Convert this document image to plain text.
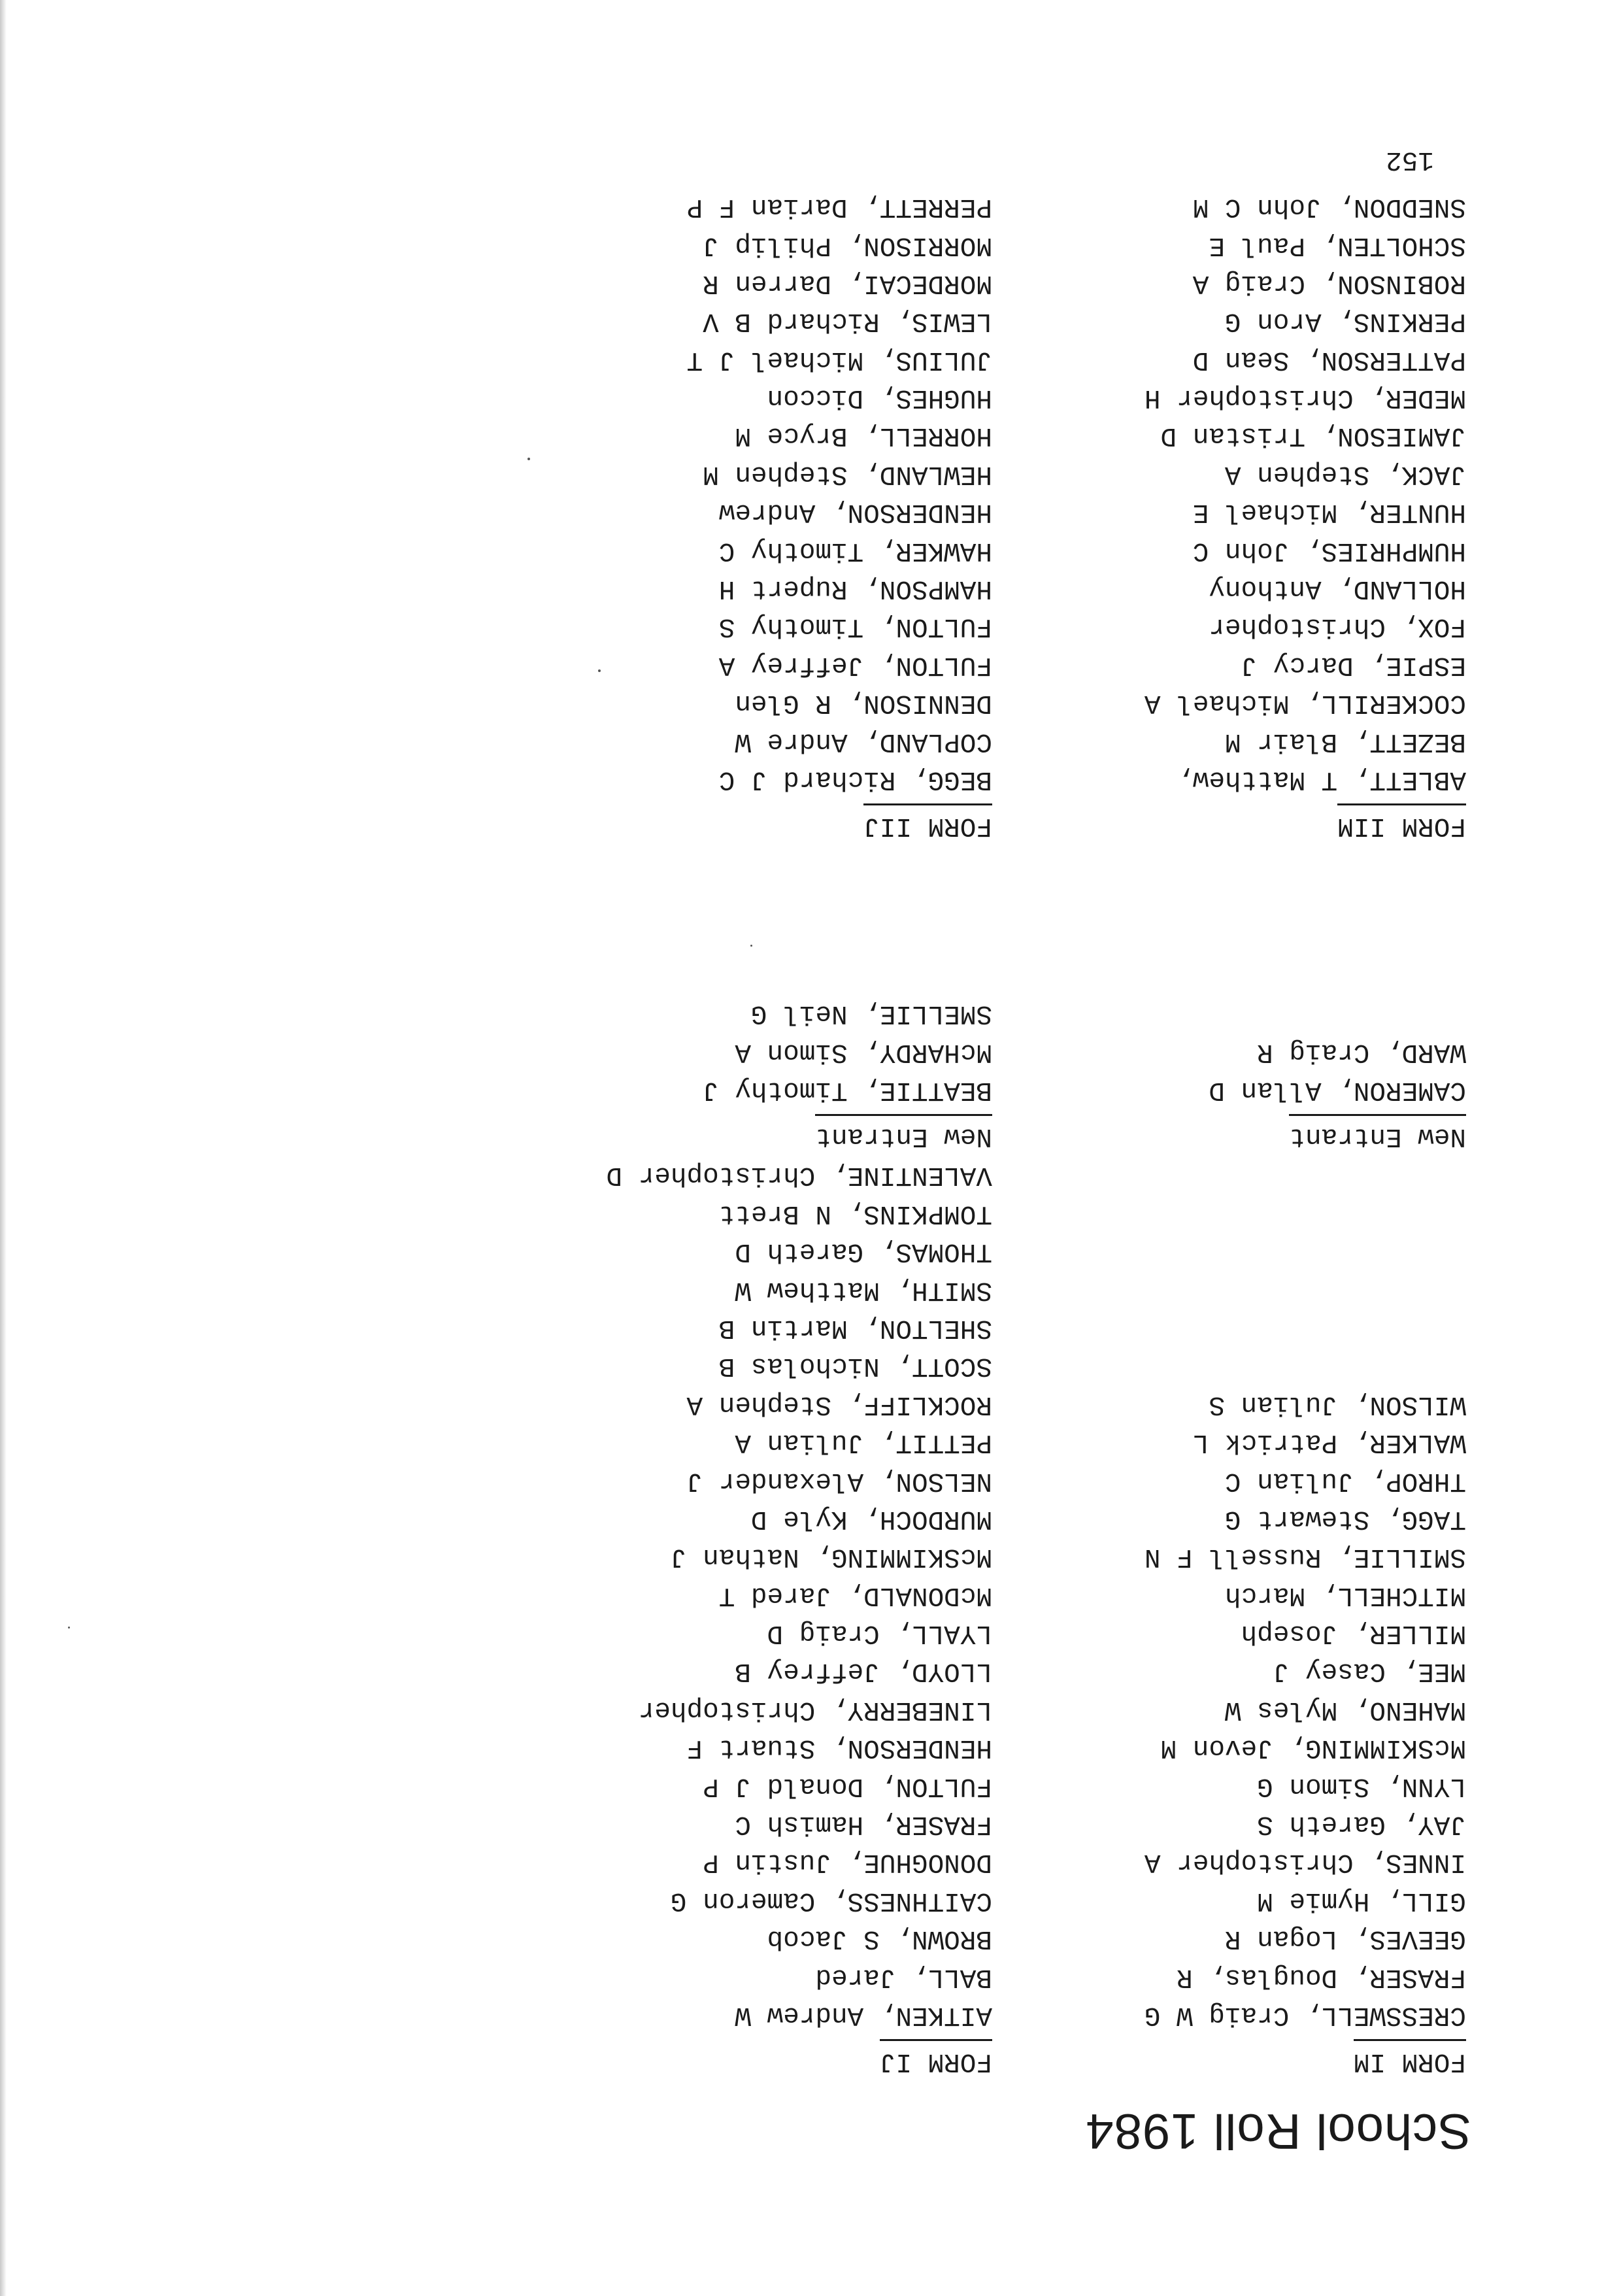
School Roll 1984
FORM IM
CRESSWELL, Craig W G
FRASER, Douglas, R
GEEVES, Logan R
GILL, Hymie M
INNES, Christopher A
JAY, Gareth S
LYNN, Simon G
McSKIMMING, Jevon M
MAHENO, Myles W
MEE, Casey J
MILLER, Joseph
MITCHELL, March
SMILLIE, Russell F N
TAGG, Stewart G
THROP, Julian C
WALKER, Patrick L
WILSON, Julian S
FORM IJ
AITKEN, Andrew W
BALL, Jared
BROWN, S Jacob
CAITHNESS, Cameron G
DONOGHUE, Justin P
FRASER, Hamish C
FULTON, Donald J P
HENDERSON, Stuart F
LINEBERRY, Christopher
LLOYD, Jeffrey B
LYALL, Craig D
McDONALD, Jared T
McSKIMMING, Nathan J
MURDOCH, Kyle D
NELSON, Alexander J
PETTIT, Julian A
ROCKLIFF, Stephen A
SCOTT, Nicholas B
SHELTON, Martin B
SMITH, Matthew W
THOMAS, Gareth D
TOMPKINS, N Brett
VALENTINE, Christopher D
New Entrant
CAMERON, Allan D
WARD, Craig R
New Entrant
BEATTIE, Timothy J
McHARDY, Simon A
SMELLIE, Neil G
FORM IIM
ABLETT, T Matthew,
BEZETT, Blair M
COCKERILL, Michael A
ESPIE, Darcy J
FOX, Christopher
HOLLAND, Anthony
HUMPHRIES, John C
HUNTER, Michael E
JACK, Stephen A
JAMIESON, Tristan D
MEDER, Christopher H
PATTERSON, Sean D
PERKINS, Aron G
ROBINSON, Craig A
SCHOLTEN, Paul E
SNEDDON, John C M
FORM IIJ
BEGG, Richard J C
COPLAND, Andre W
DENNISON, R Glen
FULTON, Jeffrey A
FULTON, Timothy S
HAMPSON, Rupert H
HAWKER, Timothy C
HENDERSON, Andrew
HEWLAND, Stephen M
HORRELL, Bryce M
HUGHES, Diccon
JULIUS, Michael J T
LEWIS, Richard B V
MORDECAI, Darren R
MORRISON, Philip J
PERRETT, Darian F P
152
